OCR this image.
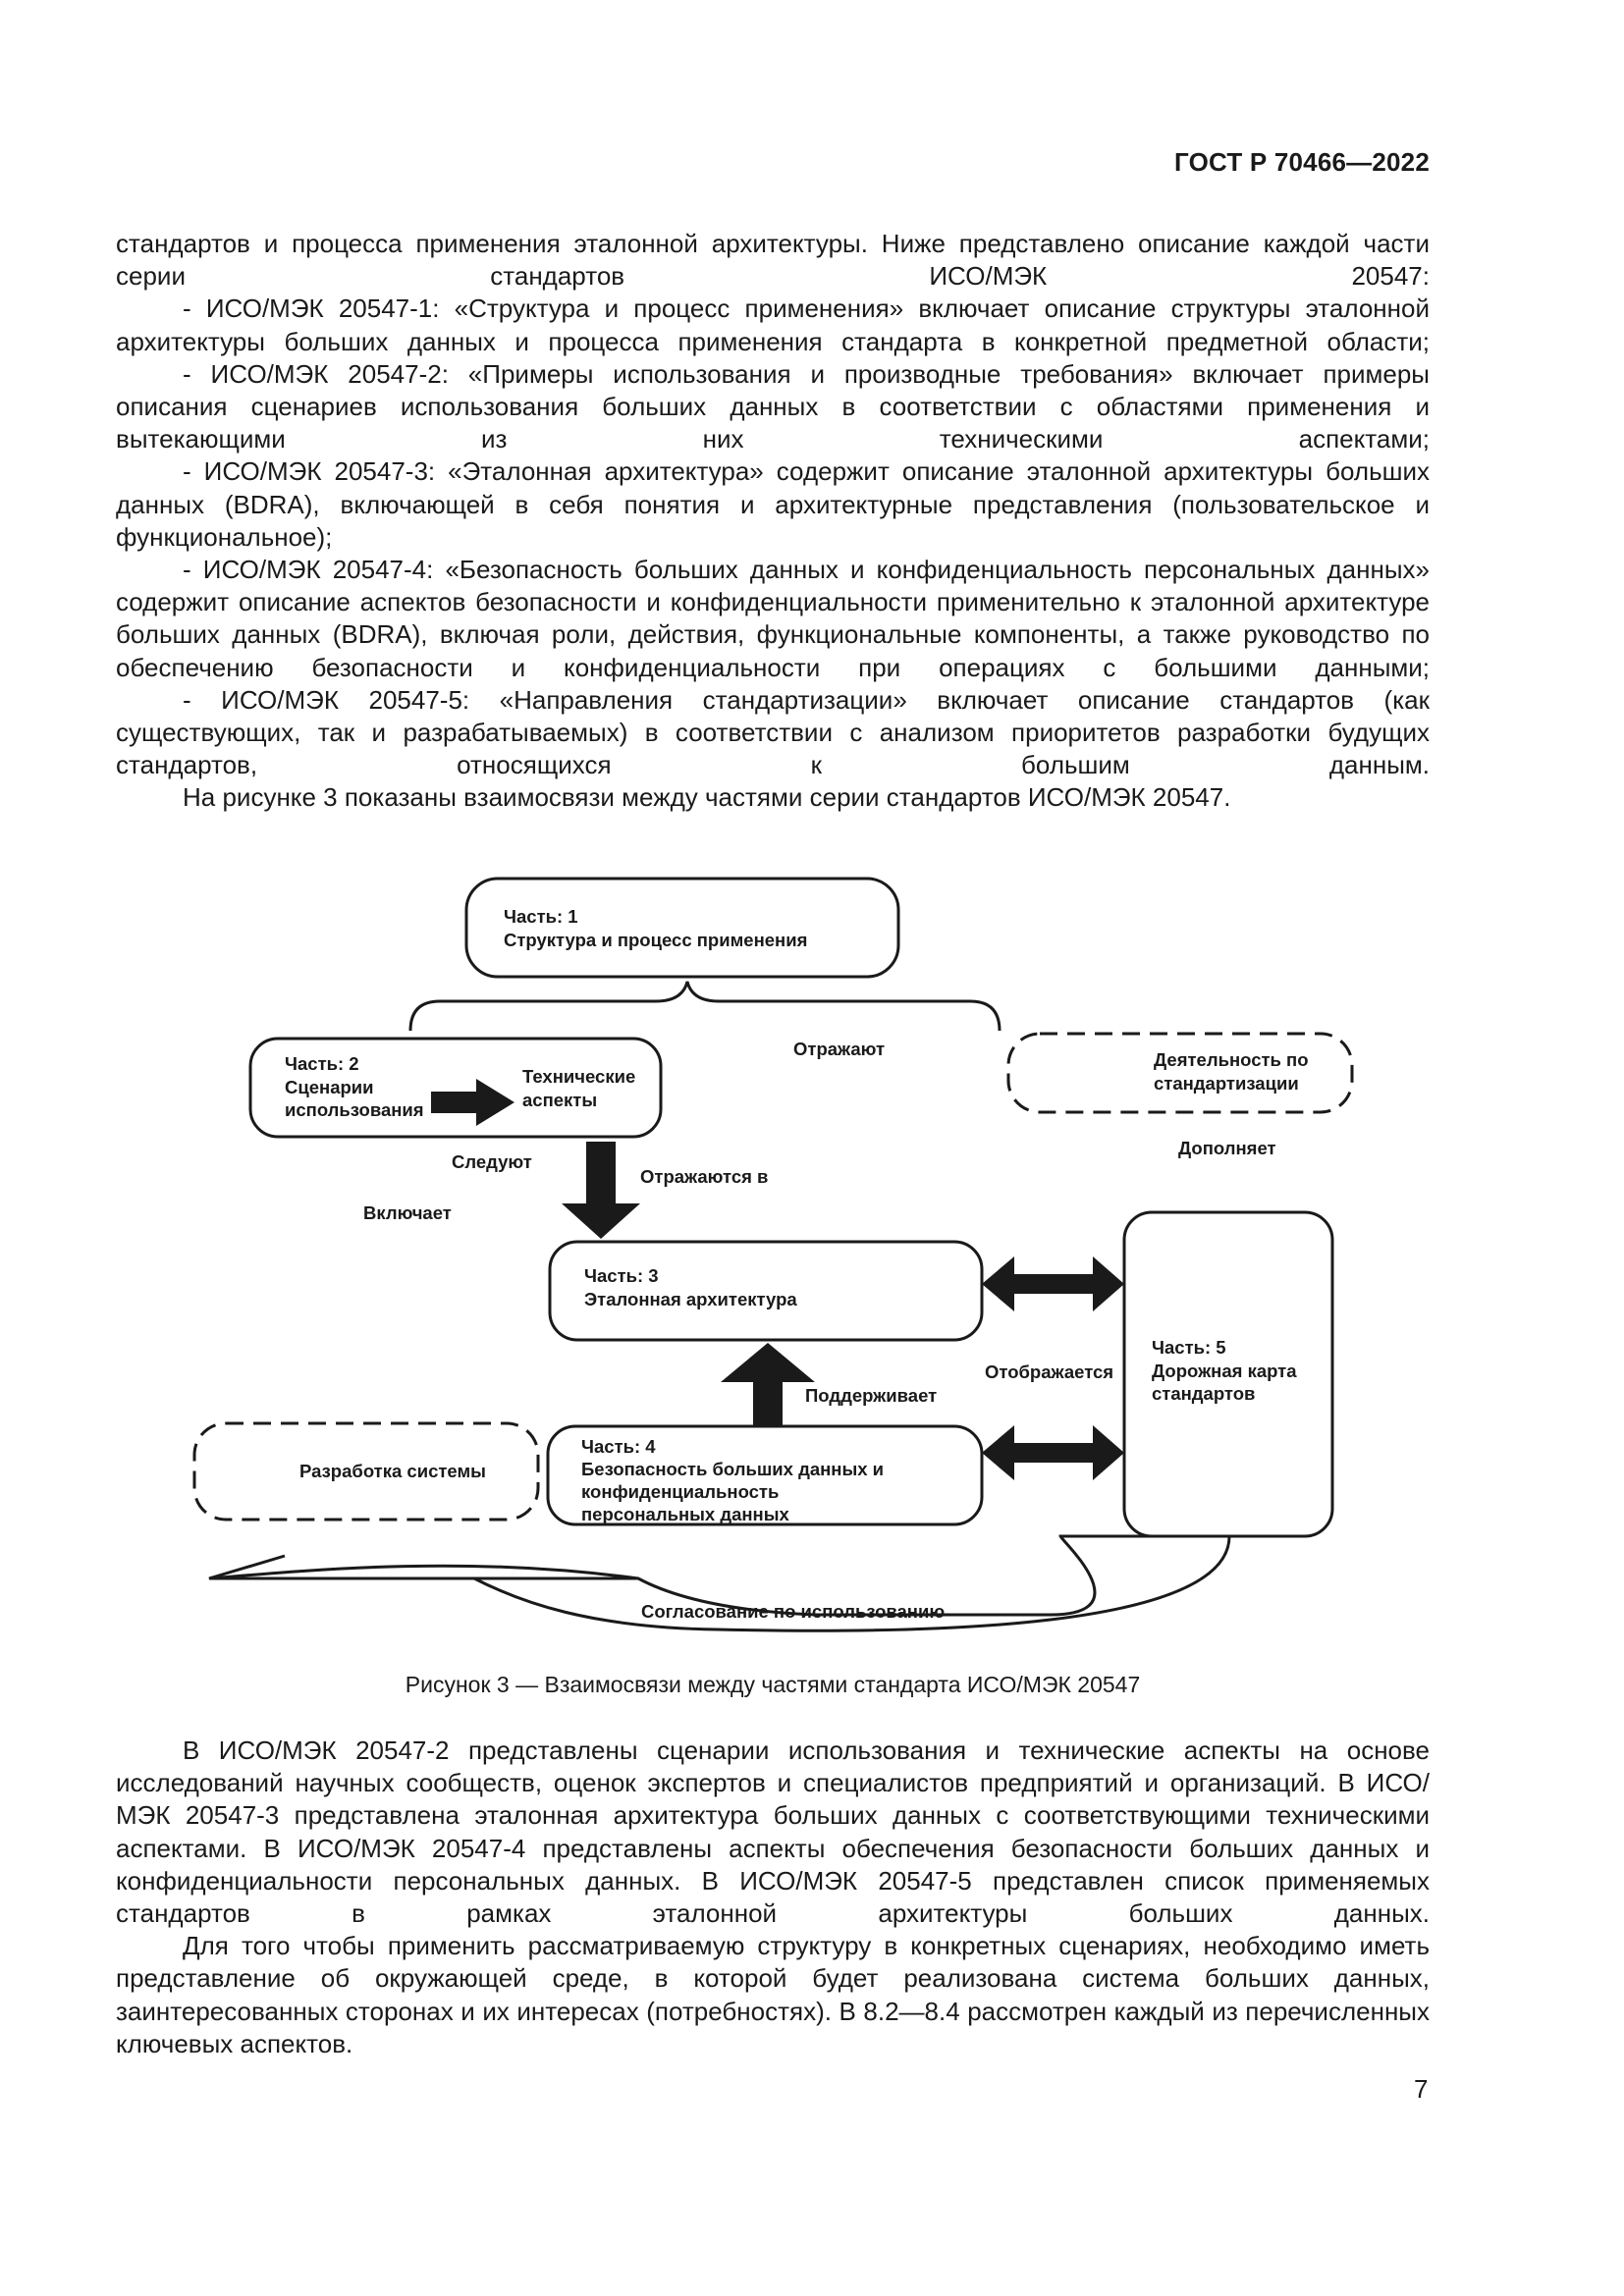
ГОСТ Р 70466—2022

стандартов и процесса применения эталонной архитектуры. Ниже представлено описание каждой части серии стандартов ИСО/МЭК 20547:

- ИСО/МЭК 20547-1: «Структура и процесс применения» включает описание структуры эталонной архитектуры больших данных и процесса применения стандарта в конкретной предметной области;

- ИСО/МЭК 20547-2: «Примеры использования и производные требования» включает примеры описания сценариев использования больших данных в соответствии с областями применения и вытекающими из них техническими аспектами;

- ИСО/МЭК 20547-3: «Эталонная архитектура» содержит описание эталонной архитектуры больших данных (BDRA), включающей в себя понятия и архитектурные представления (пользовательское и функциональное);

- ИСО/МЭК 20547-4: «Безопасность больших данных и конфиденциальность персональных данных» содержит описание аспектов безопасности и конфиденциальности применительно к эталонной архитектуре больших данных (BDRA), включая роли, действия, функциональные компоненты, а также руководство по обеспечению безопасности и конфиденциальности при операциях с большими данными;

- ИСО/МЭК 20547-5: «Направления стандартизации» включает описание стандартов (как существующих, так и разрабатываемых) в соответствии с анализом приоритетов разработки будущих стандартов, относящихся к большим данным.

На рисунке 3 показаны взаимосвязи между частями серии стандартов ИСО/МЭК 20547.

Часть: 1
Структура и процесс применения
Часть: 2
Сценарии
использования
Технические
аспекты
Деятельность по
стандартизации
Отражают
Следуют
Отражаются в
Включает
Дополняет
Часть: 3
Эталонная архитектура
Часть: 5
Дорожная карта
стандартов
Отображается
Поддерживает
Разработка системы
Часть: 4
Безопасность больших данных и
конфиденциальность
персональных данных
Согласование по использованию
Рисунок 3 — Взаимосвязи между частями стандарта ИСО/МЭК 20547

В ИСО/МЭК 20547-2 представлены сценарии использования и технические аспекты на основе исследований научных сообществ, оценок экспертов и специалистов предприятий и организаций. В ИСО/МЭК 20547-3 представлена эталонная архитектура больших данных с соответствующими техническими аспектами. В ИСО/МЭК 20547-4 представлены аспекты обеспечения безопасности больших данных и конфиденциальности персональных данных. В ИСО/МЭК 20547-5 представлен список применяемых стандартов в рамках эталонной архитектуры больших данных.

Для того чтобы применить рассматриваемую структуру в конкретных сценариях, необходимо иметь представление об окружающей среде, в которой будет реализована система больших данных, заинтересованных сторонах и их интересах (потребностях). В 8.2—8.4 рассмотрен каждый из перечисленных ключевых аспектов.

7
